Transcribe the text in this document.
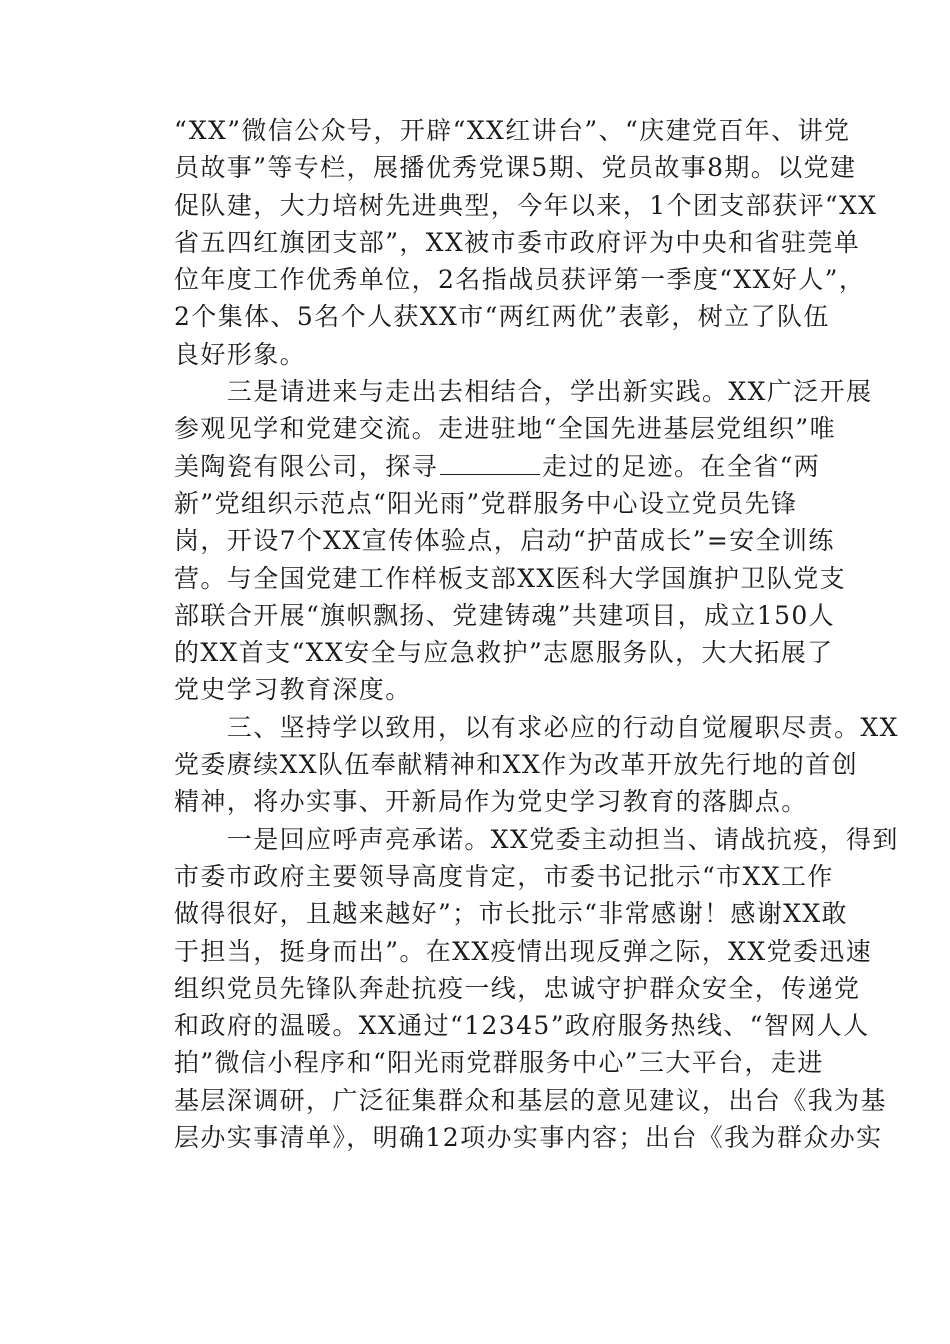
“XX”微信公众号，开辟“XX红讲台”、“庆建党百年、讲党
员故事”等专栏，展播优秀党课5期、党员故事8期。以党建
促队建，大力培树先进典型，今年以来，1个团支部获评“XX
省五四红旗团支部”，XX被市委市政府评为中央和省驻莞单
位年度工作优秀单位，2名指战员获评第一季度“XX好人”，
2个集体、5名个人获XX市“两红两优”表彰，树立了队伍
良好形象。
　　三是请进来与走出去相结合，学出新实践。XX广泛开展
参观见学和党建交流。走进驻地“全国先进基层党组织”唯
美陶瓷有限公司，探寻	走过的足迹。在全省“两
新”党组织示范点“阳光雨”党群服务中心设立党员先锋
岗，开设7个XX宣传体验点，启动“护苗成长”=安全训练
营。与全国党建工作样板支部XX医科大学国旗护卫队党支
部联合开展“旗帜飘扬、党建铸魂”共建项目，成立150人
的XX首支“XX安全与应急救护”志愿服务队，大大拓展了
党史学习教育深度。
　　三、坚持学以致用，以有求必应的行动自觉履职尽责。XX
党委赓续XX队伍奉献精神和XX作为改革开放先行地的首创
精神，将办实事、开新局作为党史学习教育的落脚点。
　　一是回应呼声亮承诺。XX党委主动担当、请战抗疫，得到
市委市政府主要领导高度肯定，市委书记批示“市XX工作
做得很好，且越来越好”；市长批示“非常感谢！感谢XX敢
于担当，挺身而出”。在XX疫情出现反弹之际，XX党委迅速
组织党员先锋队奔赴抗疫一线，忠诚守护群众安全，传递党
和政府的温暖。XX通过“12345”政府服务热线、“智网人人
拍”微信小程序和“阳光雨党群服务中心”三大平台，走进
基层深调研，广泛征集群众和基层的意见建议，出台《我为基
层办实事清单》，明确12项办实事内容；出台《我为群众办实
